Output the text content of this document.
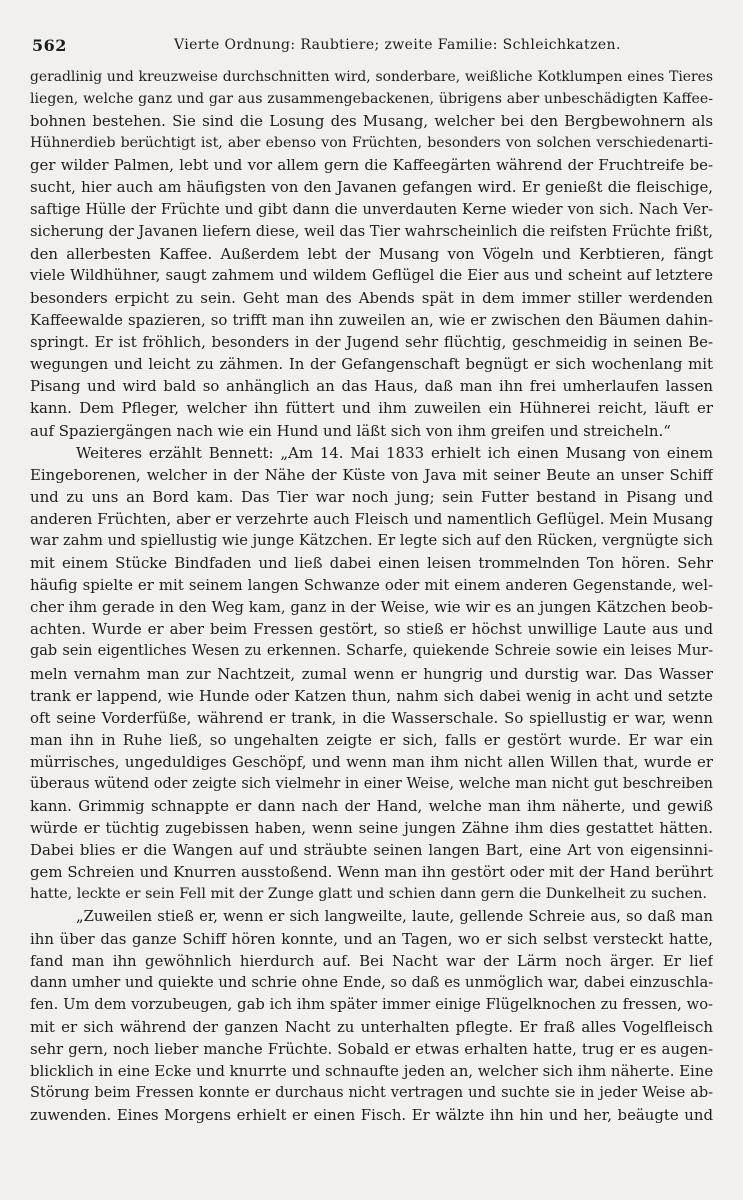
562	Vierte Ordnung: Raubtiere; zweite Familie: Schleichkatzen.
geradlinig und kreuzweise durchschnitten wird, sonderbare, weißliche Kotklumpen eines Tieres
liegen, welche ganz und gar aus zusammengebackenen, übrigens aber unbeschädigten Kaffee-
bohnen bestehen. Sie sind die Losung des Musang, welcher bei den Bergbewohnern als
Hühnerdieb berüchtigt ist, aber ebenso von Früchten, besonders von solchen verschiedenarti-
ger wilder Palmen, lebt und vor allem gern die Kaffeegärten während der Fruchtreife be-
sucht, hier auch am häufigsten von den Javanen gefangen wird. Er genießt die fleischige,
saftige Hülle der Früchte und gibt dann die unverdauten Kerne wieder von sich. Nach Ver-
sicherung der Javanen liefern diese, weil das Tier wahrscheinlich die reifsten Früchte frißt,
den allerbesten Kaffee. Außerdem lebt der Musang von Vögeln und Kerbtieren, fängt
viele Wildhühner, saugt zahmem und wildem Geflügel die Eier aus und scheint auf letztere
besonders erpicht zu sein. Geht man des Abends spät in dem immer stiller werdenden
Kaffeewalde spazieren, so trifft man ihn zuweilen an, wie er zwischen den Bäumen dahin-
springt. Er ist fröhlich, besonders in der Jugend sehr flüchtig, geschmeidig in seinen Be-
wegungen und leicht zu zähmen. In der Gefangenschaft begnügt er sich wochenlang mit
Pisang und wird bald so anhänglich an das Haus, daß man ihn frei umherlaufen lassen
kann. Dem Pfleger, welcher ihn füttert und ihm zuweilen ein Hühnerei reicht, läuft er
auf Spaziergängen nach wie ein Hund und läßt sich von ihm greifen und streicheln.“
Weiteres erzählt Bennett: „Am 14. Mai 1833 erhielt ich einen Musang von einem
Eingeborenen, welcher in der Nähe der Küste von Java mit seiner Beute an unser Schiff
und zu uns an Bord kam. Das Tier war noch jung; sein Futter bestand in Pisang und
anderen Früchten, aber er verzehrte auch Fleisch und namentlich Geflügel. Mein Musang
war zahm und spiellustig wie junge Kätzchen. Er legte sich auf den Rücken, vergnügte sich
mit einem Stücke Bindfaden und ließ dabei einen leisen trommelnden Ton hören. Sehr
häufig spielte er mit seinem langen Schwanze oder mit einem anderen Gegenstande, wel-
cher ihm gerade in den Weg kam, ganz in der Weise, wie wir es an jungen Kätzchen beob-
achten. Wurde er aber beim Fressen gestört, so stieß er höchst unwillige Laute aus und
gab sein eigentliches Wesen zu erkennen. Scharfe, quiekende Schreie sowie ein leises Mur-
meln vernahm man zur Nachtzeit, zumal wenn er hungrig und durstig war. Das Wasser
trank er lappend, wie Hunde oder Katzen thun, nahm sich dabei wenig in acht und setzte
oft seine Vorderfüße, während er trank, in die Wasserschale. So spiellustig er war, wenn
man ihn in Ruhe ließ, so ungehalten zeigte er sich, falls er gestört wurde. Er war ein
mürrisches, ungeduldiges Geschöpf, und wenn man ihm nicht allen Willen that, wurde er
überaus wütend oder zeigte sich vielmehr in einer Weise, welche man nicht gut beschreiben
kann. Grimmig schnappte er dann nach der Hand, welche man ihm näherte, und gewiß
würde er tüchtig zugebissen haben, wenn seine jungen Zähne ihm dies gestattet hätten.
Dabei blies er die Wangen auf und sträubte seinen langen Bart, eine Art von eigensinni-
gem Schreien und Knurren ausstoßend. Wenn man ihn gestört oder mit der Hand berührt
hatte, leckte er sein Fell mit der Zunge glatt und schien dann gern die Dunkelheit zu suchen.
„Zuweilen stieß er, wenn er sich langweilte, laute, gellende Schreie aus, so daß man
ihn über das ganze Schiff hören konnte, und an Tagen, wo er sich selbst versteckt hatte,
fand man ihn gewöhnlich hierdurch auf. Bei Nacht war der Lärm noch ärger. Er lief
dann umher und quiekte und schrie ohne Ende, so daß es unmöglich war, dabei einzuschla-
fen. Um dem vorzubeugen, gab ich ihm später immer einige Flügelknochen zu fressen, wo-
mit er sich während der ganzen Nacht zu unterhalten pflegte. Er fraß alles Vogelfleisch
sehr gern, noch lieber manche Früchte. Sobald er etwas erhalten hatte, trug er es augen-
blicklich in eine Ecke und knurrte und schnaufte jeden an, welcher sich ihm näherte. Eine
Störung beim Fressen konnte er durchaus nicht vertragen und suchte sie in jeder Weise ab-
zuwenden. Eines Morgens erhielt er einen Fisch. Er wälzte ihn hin und her, beäugte und
